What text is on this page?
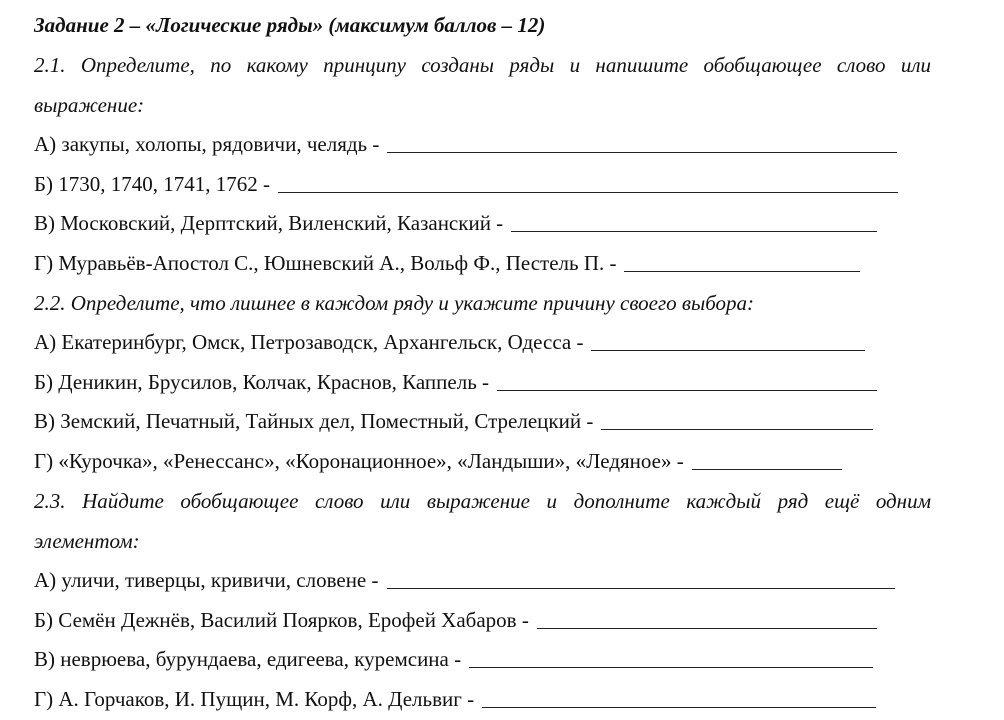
Задание 2 – «Логические ряды» (максимум баллов – 12)
2.1. Определите, по какому принципу созданы ряды и напишите обобщающее слово или
выражение:
А) закупы, холопы, рядовичи, челядь -
Б) 1730, 1740, 1741, 1762 -
В) Московский, Дерптский, Виленский, Казанский -
Г) Муравьёв-Апостол С., Юшневский А., Вольф Ф., Пестель П. -
2.2. Определите, что лишнее в каждом ряду и укажите причину своего выбора:
А) Екатеринбург, Омск, Петрозаводск, Архангельск, Одесса -
Б) Деникин, Брусилов, Колчак, Краснов, Каппель -
В) Земский, Печатный, Тайных дел, Поместный, Стрелецкий -
Г) «Курочка», «Ренессанс», «Коронационное», «Ландыши», «Ледяное» -
2.3. Найдите обобщающее слово или выражение и дополните каждый ряд ещё одним
элементом:
А) уличи, тиверцы, кривичи, словене -
Б) Семён Дежнёв, Василий Поярков, Ерофей Хабаров -
В) неврюева, бурундаева, едигеева, куремсина -
Г) А. Горчаков, И. Пущин, М. Корф, А. Дельвиг -
